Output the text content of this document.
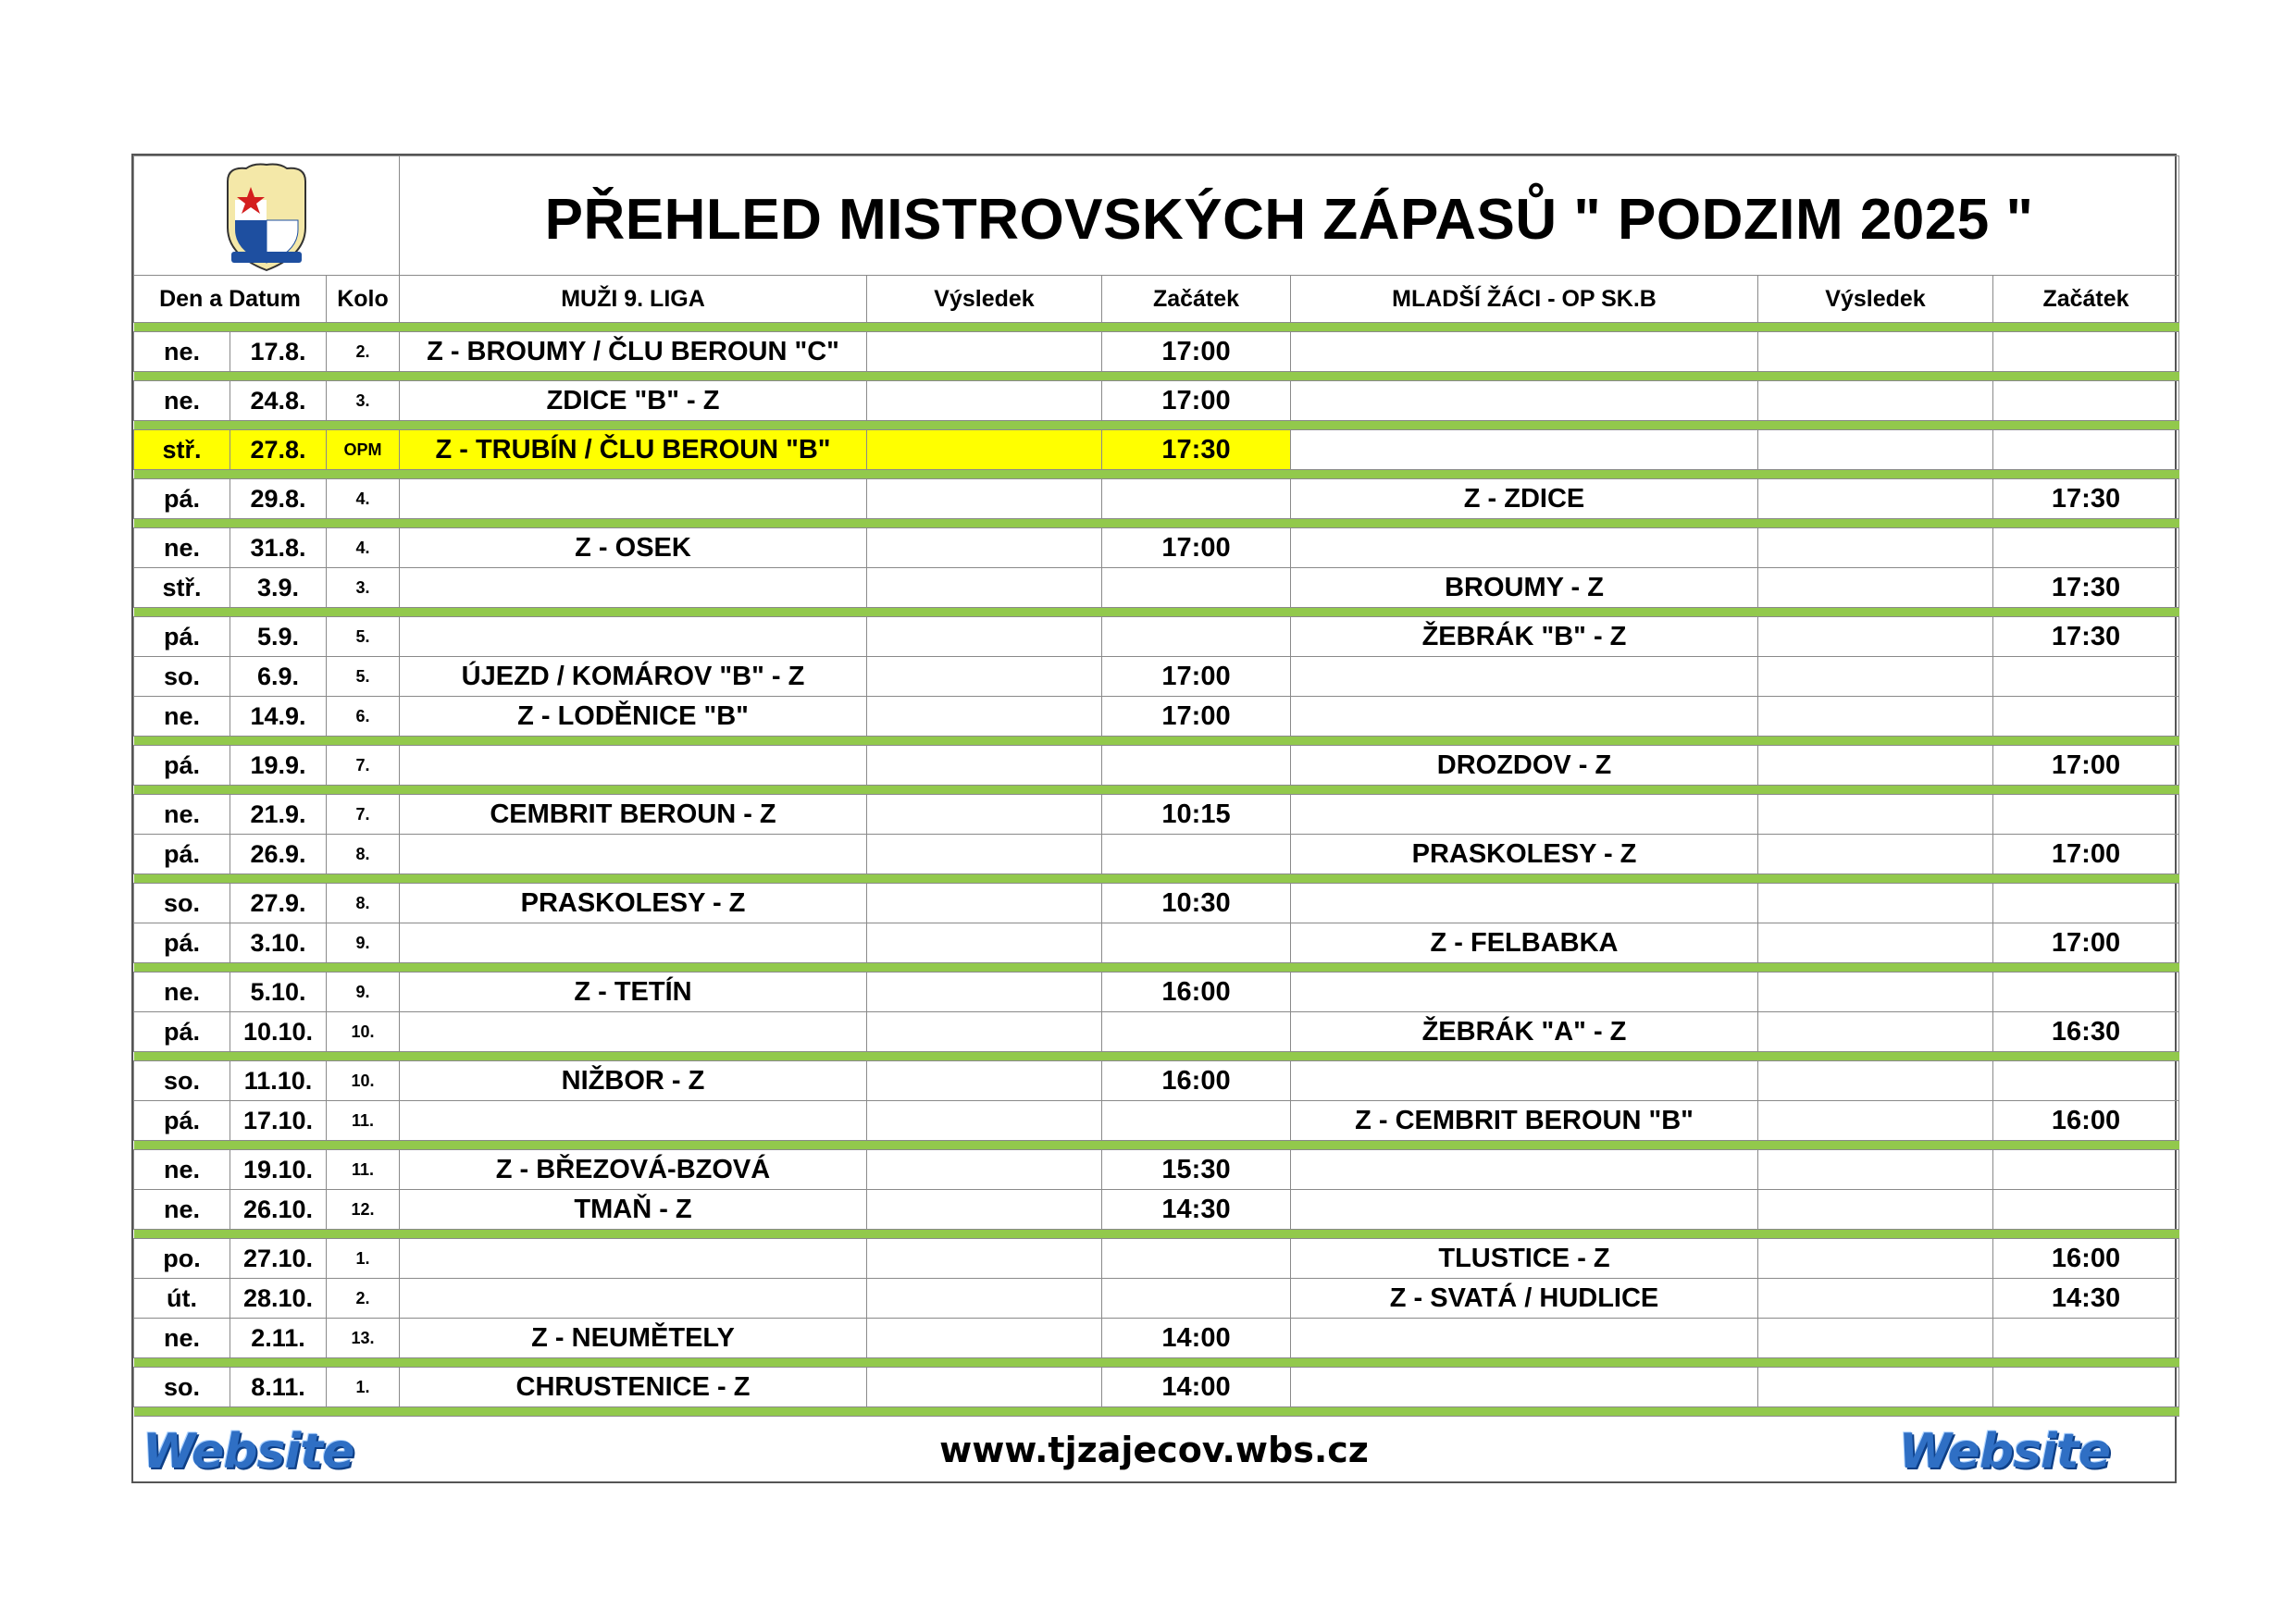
	PŘEHLED MISTROVSKÝCH ZÁPASŮ " PODZIM 2025 "					
Den a Datum		Kolo	MUŽI 9. LIGA	Výsledek	Začátek	MLADŠÍ ŽÁCI - OP SK.B	Výsledek	Začátek

ne.	17.8.	2.	Z - BROUMY / ČLU BEROUN "C"		17:00			

ne.	24.8.	3.	ZDICE "B" - Z		17:00			

stř.	27.8.	OPM	Z - TRUBÍN / ČLU BEROUN "B"		17:30			

pá.	29.8.	4.				Z - ZDICE		17:30

ne.	31.8.	4.	Z - OSEK		17:00			
stř.	3.9.	3.				BROUMY - Z		17:30

pá.	5.9.	5.				ŽEBRÁK "B" - Z		17:30
so.	6.9.	5.	ÚJEZD / KOMÁROV "B" - Z		17:00			
ne.	14.9.	6.	Z - LODĚNICE "B"		17:00			

pá.	19.9.	7.				DROZDOV - Z		17:00

ne.	21.9.	7.	CEMBRIT BEROUN - Z		10:15			
pá.	26.9.	8.				PRASKOLESY - Z		17:00

so.	27.9.	8.	PRASKOLESY - Z		10:30			
pá.	3.10.	9.				Z - FELBABKA		17:00

ne.	5.10.	9.	Z - TETÍN		16:00			
pá.	10.10.	10.				ŽEBRÁK "A" - Z		16:30

so.	11.10.	10.	NIŽBOR - Z		16:00			
pá.	17.10.	11.				Z - CEMBRIT BEROUN "B"		16:00

ne.	19.10.	11.	Z - BŘEZOVÁ-BZOVÁ		15:30			
ne.	26.10.	12.	TMAŇ - Z		14:30			

po.	27.10.	1.				TLUSTICE - Z		16:00
út.	28.10.	2.				Z - SVATÁ / HUDLICE		14:30
ne.	2.11.	13.	Z - NEUMĚTELY		14:00			

so.	8.11.	1.	CHRUSTENICE - Z		14:00			

Website	www.tjzajecov.wbs.cz	Website
